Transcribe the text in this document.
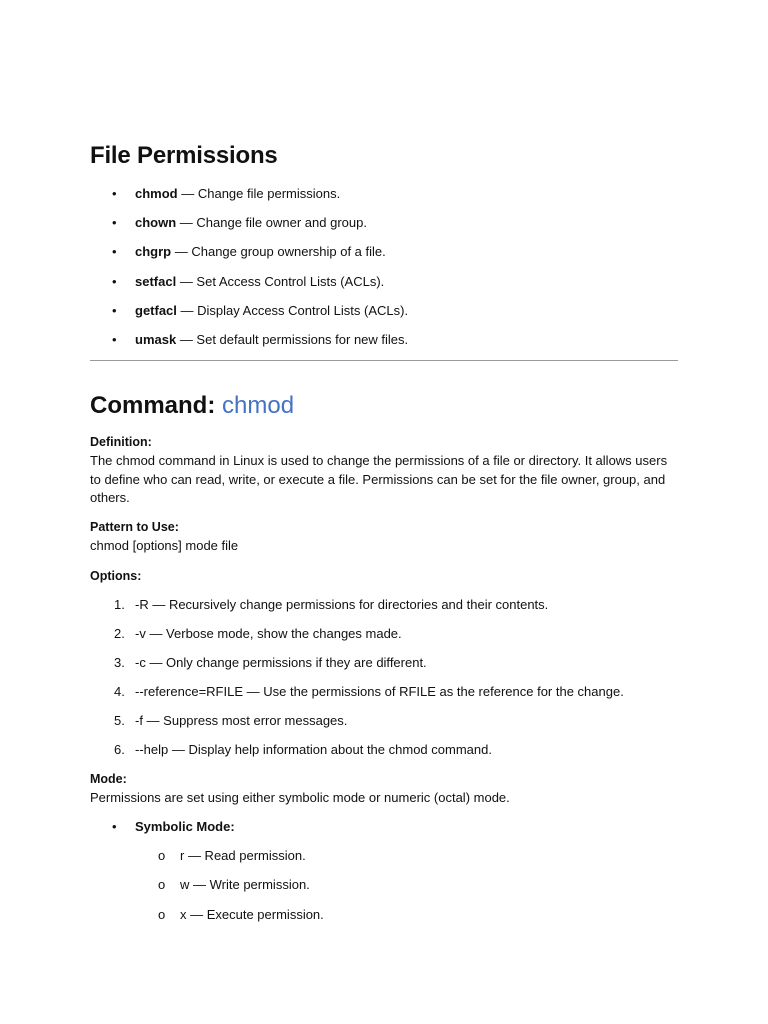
File Permissions
• chmod — Change file permissions.
• chown — Change file owner and group.
• chgrp — Change group ownership of a file.
• setfacl — Set Access Control Lists (ACLs).
• getfacl — Display Access Control Lists (ACLs).
• umask — Set default permissions for new files.
Command: chmod
Definition:
The chmod command in Linux is used to change the permissions of a file or directory. It allows users to define who can read, write, or execute a file. Permissions can be set for the file owner, group, and others.
Pattern to Use:
chmod [options] mode file
Options:
1. -R — Recursively change permissions for directories and their contents.
2. -v — Verbose mode, show the changes made.
3. -c — Only change permissions if they are different.
4. --reference=RFILE — Use the permissions of RFILE as the reference for the change.
5. -f — Suppress most error messages.
6. --help — Display help information about the chmod command.
Mode:
Permissions are set using either symbolic mode or numeric (octal) mode.
• Symbolic Mode:
o r — Read permission.
o w — Write permission.
o x — Execute permission.
